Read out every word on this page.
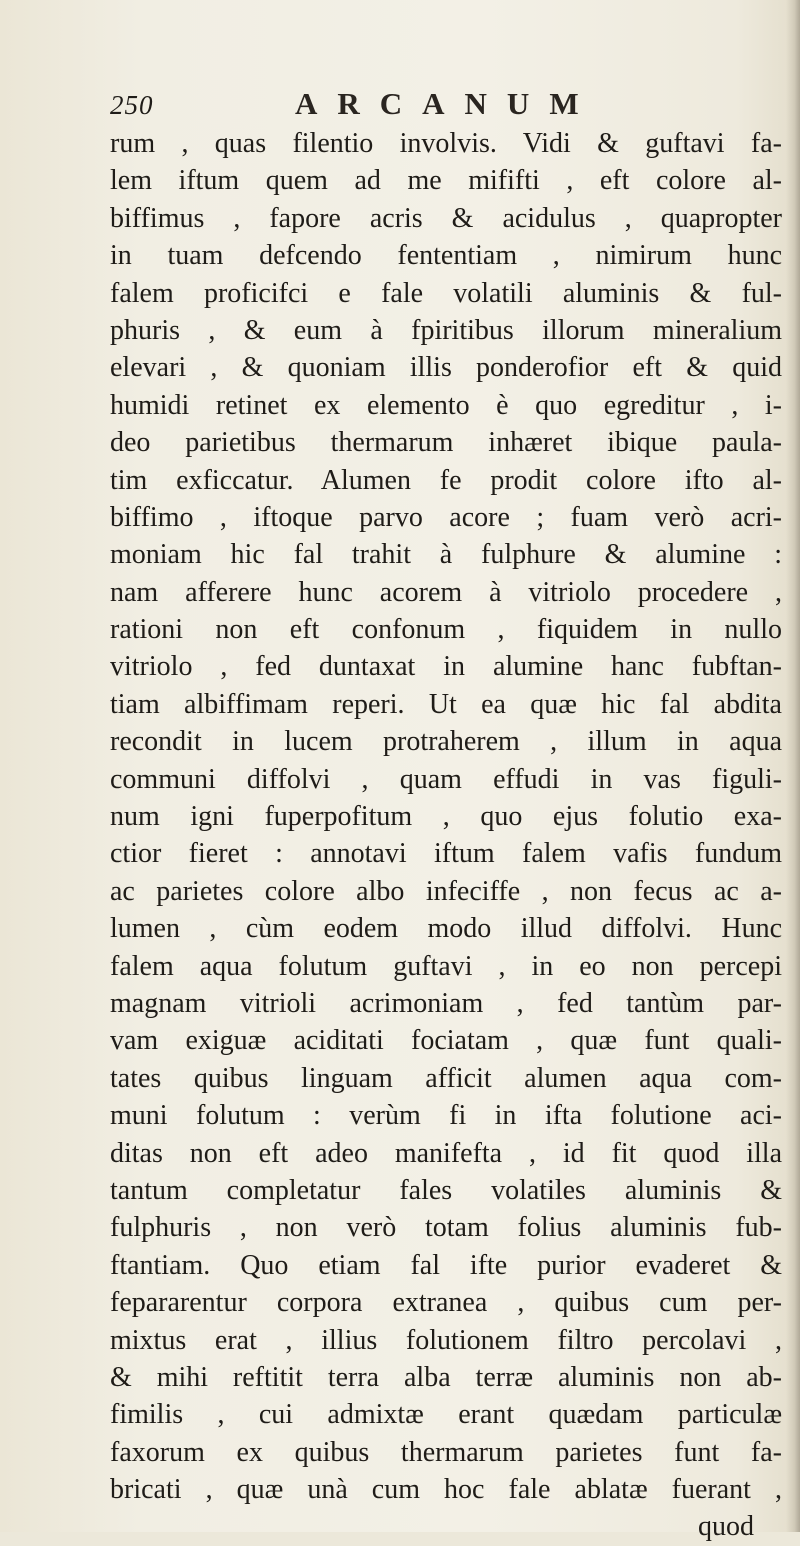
250	ARCANUM
rum , quas filentio involvis. Vidi & guftavi fa-
lem iftum quem ad me mififti , eft colore al-
biffimus , fapore acris & acidulus , quapropter
in tuam defcendo fententiam , nimirum hunc
falem proficifci e fale volatili aluminis & ful-
phuris , & eum à fpiritibus illorum mineralium
elevari , & quoniam illis ponderofior eft & quid
humidi retinet ex elemento è quo egreditur , i-
deo parietibus thermarum inhæret ibique paula-
tim exficcatur. Alumen fe prodit colore ifto al-
biffimo , iftoque parvo acore ; fuam verò acri-
moniam hic fal trahit à fulphure & alumine :
nam afferere hunc acorem à vitriolo procedere ,
rationi non eft confonum , fiquidem in nullo
vitriolo , fed duntaxat in alumine hanc fubftan-
tiam albiffimam reperi. Ut ea quæ hic fal abdita
recondit in lucem protraherem , illum in aqua
communi diffolvi , quam effudi in vas figuli-
num igni fuperpofitum , quo ejus folutio exa-
ctior fieret : annotavi iftum falem vafis fundum
ac parietes colore albo infeciffe , non fecus ac a-
lumen , cùm eodem modo illud diffolvi. Hunc
falem aqua folutum guftavi , in eo non percepi
magnam vitrioli acrimoniam , fed tantùm par-
vam exiguæ aciditati fociatam , quæ funt quali-
tates quibus linguam afficit alumen aqua com-
muni folutum : verùm fi in ifta folutione aci-
ditas non eft adeo manifefta , id fit quod illa
tantum completatur fales volatiles aluminis &
fulphuris , non verò totam folius aluminis fub-
ftantiam. Quo etiam fal ifte purior evaderet &
fepararentur corpora extranea , quibus cum per-
mixtus erat , illius folutionem filtro percolavi ,
& mihi reftitit terra alba terræ aluminis non ab-
fimilis , cui admixtæ erant quædam particulæ
faxorum ex quibus thermarum parietes funt fa-
bricati , quæ unà cum hoc fale ablatæ fuerant ,
quod
